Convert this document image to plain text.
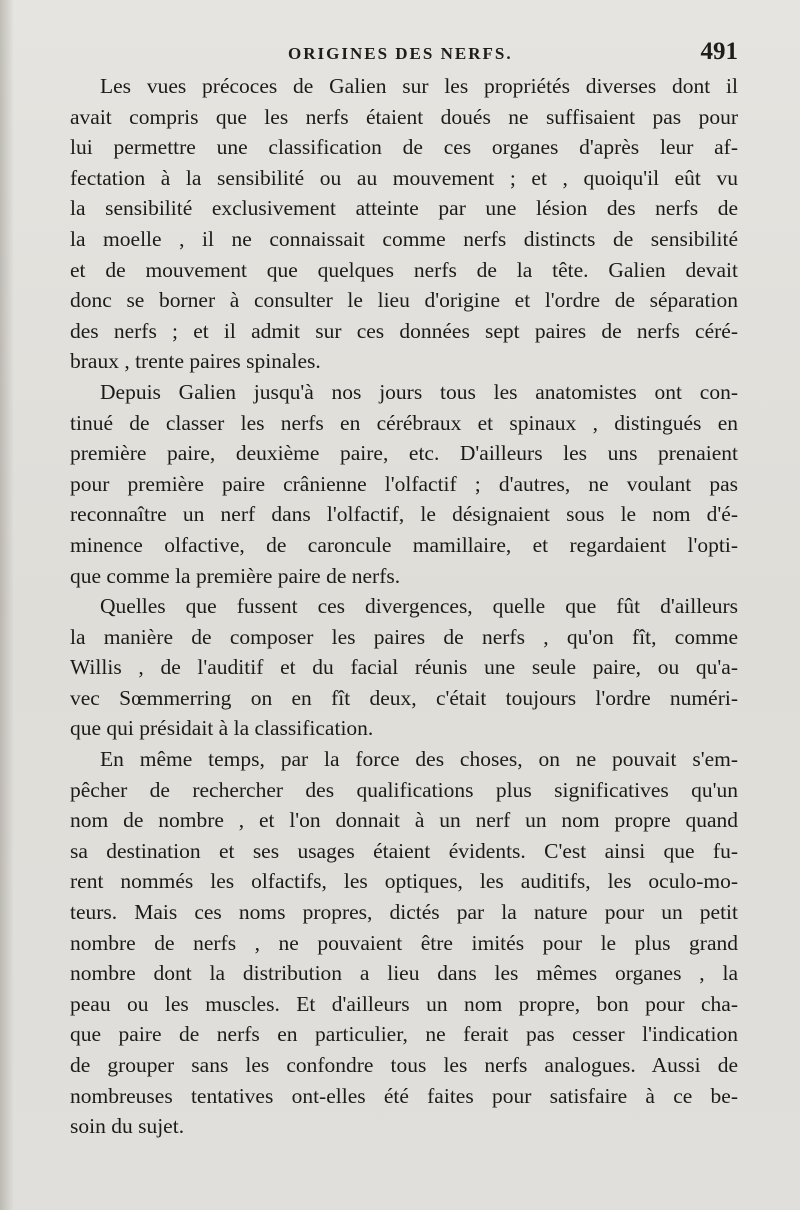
ORIGINES DES NERFS.	491

Les vues précoces de Galien sur les propriétés diverses dont il
avait compris que les nerfs étaient doués ne suffisaient pas pour
lui permettre une classification de ces organes d'après leur af-
fectation à la sensibilité ou au mouvement ; et , quoiqu'il eût vu
la sensibilité exclusivement atteinte par une lésion des nerfs de
la moelle , il ne connaissait comme nerfs distincts de sensibilité
et de mouvement que quelques nerfs de la tête. Galien devait
donc se borner à consulter le lieu d'origine et l'ordre de séparation
des nerfs ; et il admit sur ces données sept paires de nerfs céré-
braux , trente paires spinales.

Depuis Galien jusqu'à nos jours tous les anatomistes ont con-
tinué de classer les nerfs en cérébraux et spinaux , distingués en
première paire, deuxième paire, etc. D'ailleurs les uns prenaient
pour première paire crânienne l'olfactif ; d'autres, ne voulant pas
reconnaître un nerf dans l'olfactif, le désignaient sous le nom d'é-
minence olfactive, de caroncule mamillaire, et regardaient l'opti-
que comme la première paire de nerfs.

Quelles que fussent ces divergences, quelle que fût d'ailleurs
la manière de composer les paires de nerfs , qu'on fît, comme
Willis , de l'auditif et du facial réunis une seule paire, ou qu'a-
vec Sœmmerring on en fît deux, c'était toujours l'ordre numéri-
que qui présidait à la classification.

En même temps, par la force des choses, on ne pouvait s'em-
pêcher de rechercher des qualifications plus significatives qu'un
nom de nombre , et l'on donnait à un nerf un nom propre quand
sa destination et ses usages étaient évidents. C'est ainsi que fu-
rent nommés les olfactifs, les optiques, les auditifs, les oculo-mo-
teurs. Mais ces noms propres, dictés par la nature pour un petit
nombre de nerfs , ne pouvaient être imités pour le plus grand
nombre dont la distribution a lieu dans les mêmes organes , la
peau ou les muscles. Et d'ailleurs un nom propre, bon pour cha-
que paire de nerfs en particulier, ne ferait pas cesser l'indication
de grouper sans les confondre tous les nerfs analogues. Aussi de
nombreuses tentatives ont-elles été faites pour satisfaire à ce be-
soin du sujet.
